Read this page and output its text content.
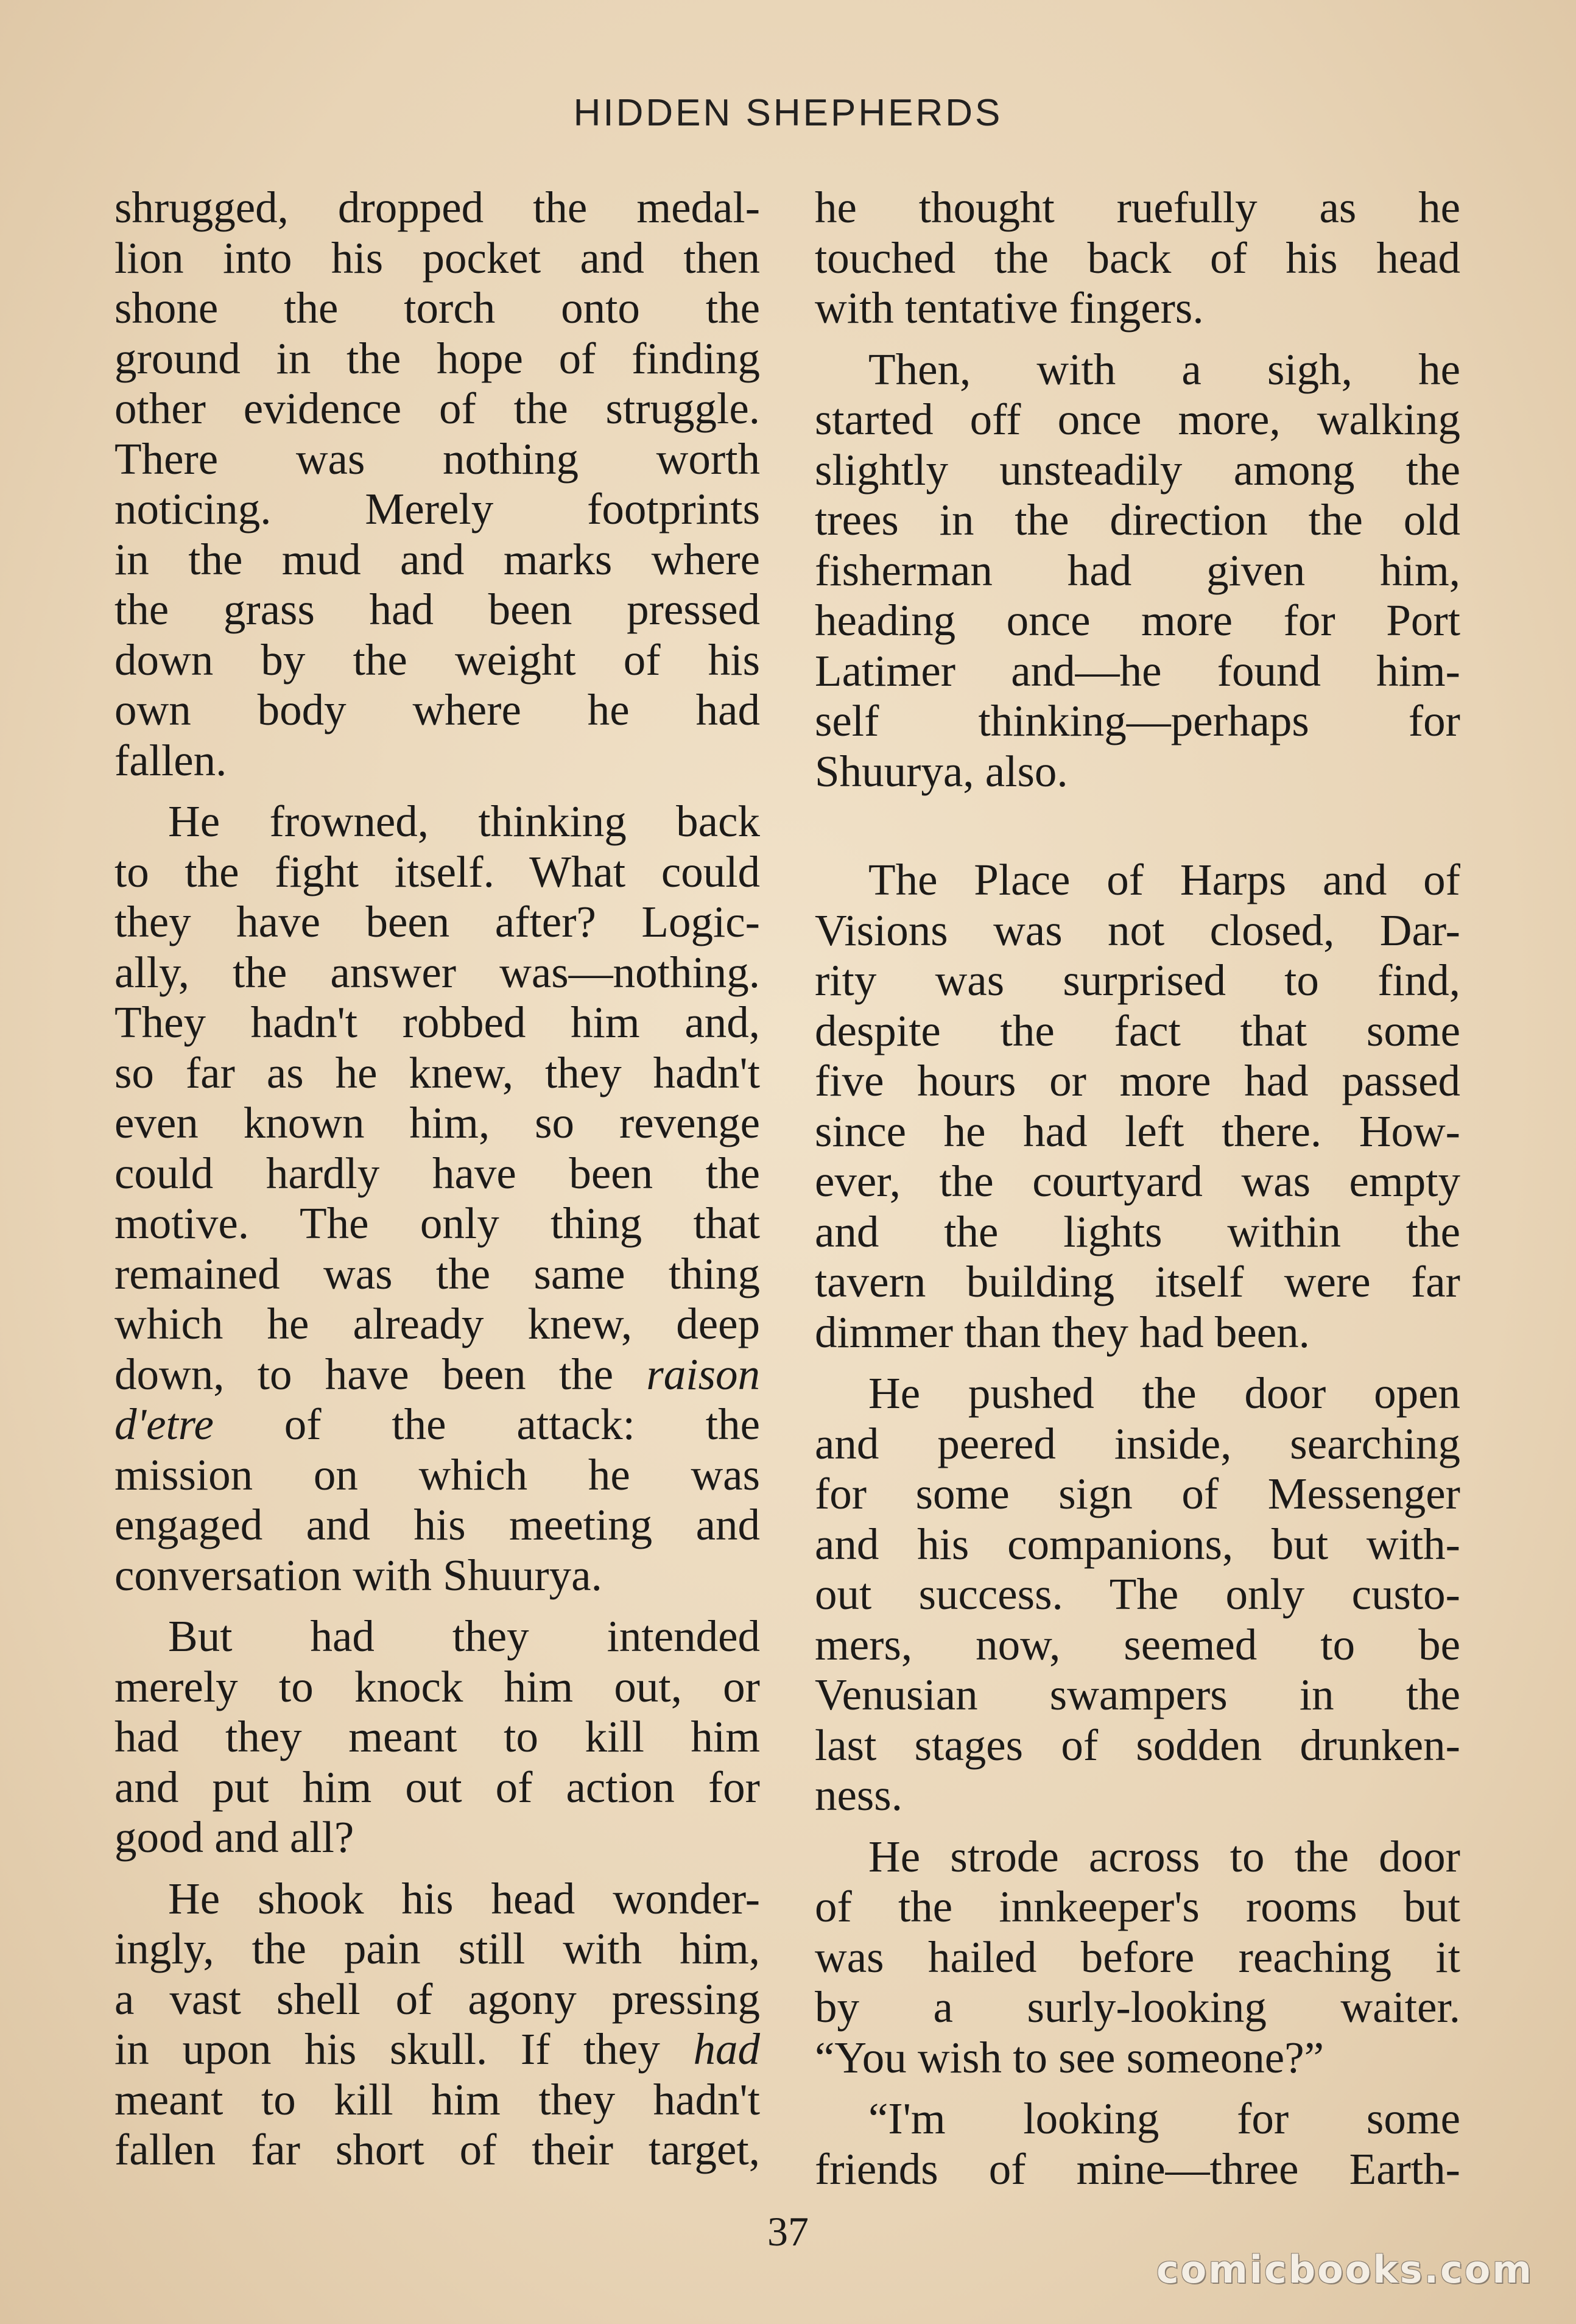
HIDDEN SHEPHERDS

shrugged, dropped the medal-
lion into his pocket and then
shone the torch onto the
ground in the hope of finding
other evidence of the struggle.
There was nothing worth
noticing. Merely footprints
in the mud and marks where
the grass had been pressed
down by the weight of his
own body where he had
fallen.

He frowned, thinking back
to the fight itself. What could
they have been after? Logic-
ally, the answer was—nothing.
They hadn't robbed him and,
so far as he knew, they hadn't
even known him, so revenge
could hardly have been the
motive. The only thing that
remained was the same thing
which he already knew, deep
down, to have been the raison
d'etre of the attack: the
mission on which he was
engaged and his meeting and
conversation with Shuurya.

But had they intended
merely to knock him out, or
had they meant to kill him
and put him out of action for
good and all?

He shook his head wonder-
ingly, the pain still with him,
a vast shell of agony pressing
in upon his skull. If they had
meant to kill him they hadn't
fallen far short of their target,

he thought ruefully as he
touched the back of his head
with tentative fingers.

Then, with a sigh, he
started off once more, walking
slightly unsteadily among the
trees in the direction the old
fisherman had given him,
heading once more for Port
Latimer and—he found him-
self thinking—perhaps for
Shuurya, also.

The Place of Harps and of
Visions was not closed, Dar-
rity was surprised to find,
despite the fact that some
five hours or more had passed
since he had left there. How-
ever, the courtyard was empty
and the lights within the
tavern building itself were far
dimmer than they had been.

He pushed the door open
and peered inside, searching
for some sign of Messenger
and his companions, but with-
out success. The only custo-
mers, now, seemed to be
Venusian swampers in the
last stages of sodden drunken-
ness.

He strode across to the door
of the innkeeper's rooms but
was hailed before reaching it
by a surly-looking waiter.
“You wish to see someone?”

“I'm looking for some
friends of mine—three Earth-

37
comicbooks.com
